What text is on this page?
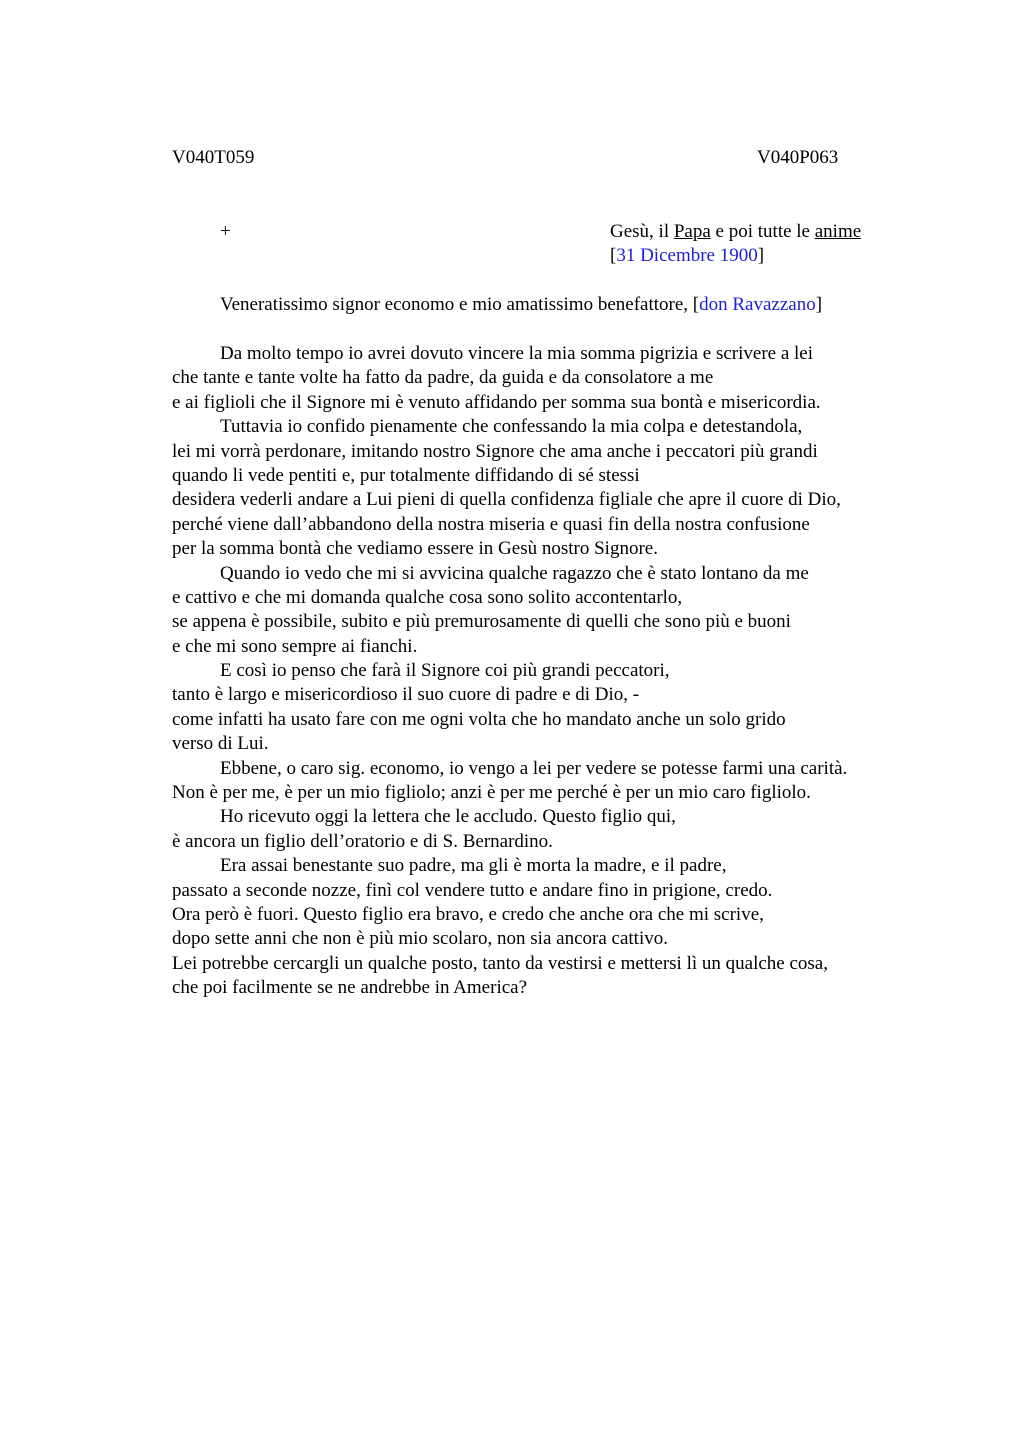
V040T059	V040P063
+	Gesù, il Papa e poi tutte le anime
[31 Dicembre 1900]
Veneratissimo signor economo e mio amatissimo benefattore, [don Ravazzano]
Da molto tempo io avrei dovuto vincere la mia somma pigrizia e scrivere a lei
che tante e tante volte ha fatto da padre, da guida e da consolatore a me
e ai figlioli che il Signore mi è venuto affidando per somma sua bontà e misericordia.
Tuttavia io confido pienamente che confessando la mia colpa e detestandola,
lei mi vorrà perdonare, imitando nostro Signore che ama anche i peccatori più grandi
quando li vede pentiti e, pur totalmente diffidando di sé stessi
desidera vederli andare a Lui pieni di quella confidenza figliale che apre il cuore di Dio,
perché viene dall’abbandono della nostra miseria e quasi fin della nostra confusione
per la somma bontà che vediamo essere in Gesù nostro Signore.
Quando io vedo che mi si avvicina qualche ragazzo che è stato lontano da me
e cattivo e che mi domanda qualche cosa sono solito accontentarlo,
se appena è possibile, subito e più premurosamente di quelli che sono più e buoni
e che mi sono sempre ai fianchi.
E così io penso che farà il Signore coi più grandi peccatori,
tanto è largo e misericordioso il suo cuore di padre e di Dio, -
come infatti ha usato fare con me ogni volta che ho mandato anche un solo grido
verso di Lui.
Ebbene, o caro sig. economo, io vengo a lei per vedere se potesse farmi una carità.
Non è per me, è per un mio figliolo; anzi è per me perché è per un mio caro figliolo.
Ho ricevuto oggi la lettera che le accludo. Questo figlio qui,
è ancora un figlio dell’oratorio e di S. Bernardino.
Era assai benestante suo padre, ma gli è morta la madre, e il padre,
passato a seconde nozze, finì col vendere tutto e andare fino in prigione, credo.
Ora però è fuori. Questo figlio era bravo, e credo che anche ora che mi scrive,
dopo sette anni che non è più mio scolaro, non sia ancora cattivo.
Lei potrebbe cercargli un qualche posto, tanto da vestirsi e mettersi lì un qualche cosa,
che poi facilmente se ne andrebbe in America?
